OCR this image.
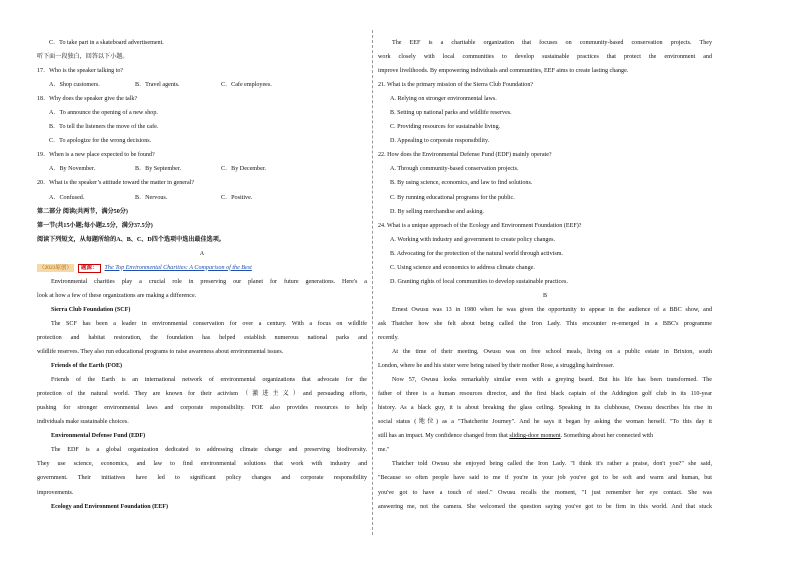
C．To take part in a skateboard advertisement.
听下面一段独白，回答以下小题。
17．Who is the speaker talking to?
A．Shop customers.	B．Travel agents.	C．Cafe employees.
18．Why does the speaker give the talk?
A．To announce the opening of a new shop.
B．To tell the listeners the move of the cafe.
C．To apologize for the wrong decisions.
19．When is a new place expected to be found?
A．By November.	B．By September.	C．By December.
20．What is the speaker’s attitude toward the matter in general?
A．Confused.	B．Nervous.	C．Positive.
第二部分 阅读(共两节，满分50分)
第一节(共15小题;每小题2.5分，满分37.5分)
阅读下列短文，从每题所给的A、B、C、D四个选项中选出最佳选项。
A
（2023原创） 题源： The Top Environmental Charities: A Comparison of the Best
Environmental charities play a crucial role in preserving our planet for future generations. Here's a
look at how a few of these organizations are making a difference.
Sierra Club Foundation (SCF)
The SCF has been a leader in environmental conservation for over a century. With a focus on wildlife
protection and habitat restoration, the foundation has helped establish numerous national parks and
wildlife reserves. They also run educational programs to raise awareness about environmental issues.
Friends of the Earth (FOE)
Friends of the Earth is an international network of environmental organizations that advocate for the
protection of the natural world. They are known for their activism（激进主义）and persuading efforts,
pushing for stronger environmental laws and corporate responsibility. FOE also provides resources to help
individuals make sustainable choices.
Environmental Defense Fund (EDF)
The EDF is a global organization dedicated to addressing climate change and preserving biodiversity.
They use science, economics, and law to find environmental solutions that work with industry and
government. Their initiatives have led to significant policy changes and corporate responsibility
improvements.
Ecology and Environment Foundation (EEF)
The EEF is a charitable organization that focuses on community-based conservation projects. They
work closely with local communities to develop sustainable practices that protect the environment and
improve livelihoods. By empowering individuals and communities, EEF aims to create lasting change.
21. What is the primary mission of the Sierra Club Foundation?
A. Relying on stronger environmental laws.
B. Setting up national parks and wildlife reserves.
C. Providing resources for sustainable living.
D. Appealing to corporate responsibility.
22. How does the Environmental Defense Fund (EDF) mainly operate?
A. Through community-based conservation projects.
B. By using science, economics, and law to find solutions.
C. By running educational programs for the public.
D. By selling merchandise and asking.
24. What is a unique approach of the Ecology and Environment Foundation (EEF)?
A. Working with industry and government to create policy changes.
B. Advocating for the protection of the natural world through activism.
C. Using science and economics to address climate change.
D. Granting rights of local communities to develop sustainable practices.
B
Ernest Owusu was 13 in 1980 when he was given the opportunity to appear in the audience of a BBC show, and
ask Thatcher how she felt about being called the Iron Lady. This encounter re-emerged in a BBC's programme
recently.
At the time of their meeting, Owusu was on free school meals, living on a public estate in Brixton, south
London, where he and his sister were being raised by their mother Rose, a struggling hairdresser.
Now 57, Owusu looks remarkably similar even with a greying beard. But his life has been transformed. The
father of three is a human resources director, and the first black captain of the Addington golf club in its 110-year
history. As a black guy, it is about breaking the glass ceiling. Speaking in its clubhouse, Owusu describes his rise in
social status (地位) as a "Thatcherite Journey". And he says it began by asking the woman herself. "To this day it
still has an impact. My confidence changed from that sliding-door moment. Something about her connected with
me."
Thatcher told Owusu she enjoyed being called the Iron Lady. "I think it's rather a praise, don't you?" she said,
"Because so often people have said to me if you're in your job you've got to be soft and warm and human, but
you've got to have a touch of steel." Owusu recalls the moment, "I just remember her eye contact. She was
answering me, not the camera. She welcomed the question saying you've got to be firm in this world. And that stuck
